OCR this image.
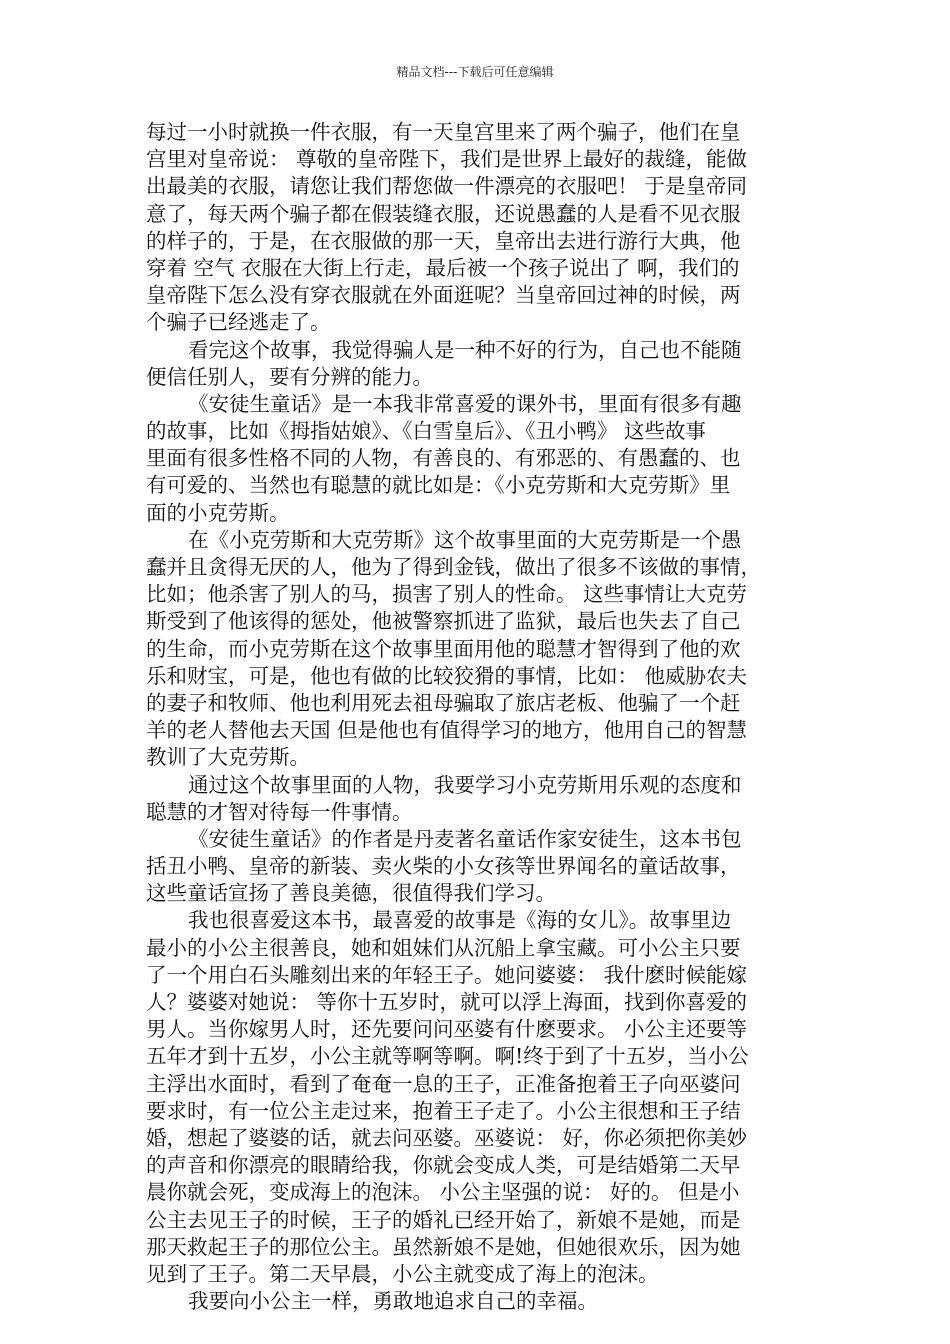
精品文档---下载后可任意编辑
每过一小时就换一件衣服，有一天皇宫里来了两个骗子，他们在皇
宫里对皇帝说： 尊敬的皇帝陛下，我们是世界上最好的裁缝，能做
出最美的衣服，请您让我们帮您做一件漂亮的衣服吧！ 于是皇帝同
意了，每天两个骗子都在假装缝衣服，还说愚蠢的人是看不见衣服
的样子的，于是，在衣服做的那一天，皇帝出去进行游行大典，他
穿着 空气 衣服在大街上行走，最后被一个孩子说出了 啊，我们的
皇帝陛下怎么没有穿衣服就在外面逛呢？当皇帝回过神的时候，两
个骗子已经逃走了。
看完这个故事，我觉得骗人是一种不好的行为，自己也不能随
便信任别人，要有分辨的能力。
《安徒生童话》是一本我非常喜爱的课外书，里面有很多有趣
的故事，比如《拇指姑娘》、《白雪皇后》、《丑小鸭》 这些故事
里面有很多性格不同的人物，有善良的、有邪恶的、有愚蠢的、也
有可爱的、当然也有聪慧的就比如是：《小克劳斯和大克劳斯》里
面的小克劳斯。
在《小克劳斯和大克劳斯》这个故事里面的大克劳斯是一个愚
蠢并且贪得无厌的人，他为了得到金钱，做出了很多不该做的事情，
比如；他杀害了别人的马，损害了别人的性命。 这些事情让大克劳
斯受到了他该得的惩处，他被警察抓进了监狱，最后也失去了自己
的生命，而小克劳斯在这个故事里面用他的聪慧才智得到了他的欢
乐和财宝，可是，他也有做的比较狡猾的事情，比如： 他威胁农夫
的妻子和牧师、他也利用死去祖母骗取了旅店老板、他骗了一个赶
羊的老人替他去天国 但是他也有值得学习的地方，他用自己的智慧
教训了大克劳斯。
通过这个故事里面的人物，我要学习小克劳斯用乐观的态度和
聪慧的才智对待每一件事情。
《安徒生童话》的作者是丹麦著名童话作家安徒生，这本书包
括丑小鸭、皇帝的新装、卖火柴的小女孩等世界闻名的童话故事，
这些童话宣扬了善良美德，很值得我们学习。
我也很喜爱这本书，最喜爱的故事是《海的女儿》。故事里边
最小的小公主很善良，她和姐妹们从沉船上拿宝藏。可小公主只要
了一个用白石头雕刻出来的年轻王子。她问婆婆： 我什麽时候能嫁
人？婆婆对她说： 等你十五岁时，就可以浮上海面，找到你喜爱的
男人。当你嫁男人时，还先要问问巫婆有什麽要求。 小公主还要等
五年才到十五岁，小公主就等啊等啊。啊!终于到了十五岁，当小公
主浮出水面时，看到了奄奄一息的王子，正准备抱着王子向巫婆问
要求时，有一位公主走过来，抱着王子走了。小公主很想和王子结
婚，想起了婆婆的话，就去问巫婆。巫婆说： 好，你必须把你美妙
的声音和你漂亮的眼睛给我，你就会变成人类，可是结婚第二天早
晨你就会死，变成海上的泡沫。 小公主坚强的说： 好的。 但是小
公主去见王子的时候，王子的婚礼已经开始了，新娘不是她，而是
那天救起王子的那位公主。虽然新娘不是她，但她很欢乐，因为她
见到了王子。第二天早晨，小公主就变成了海上的泡沫。
我要向小公主一样，勇敢地追求自己的幸福。
